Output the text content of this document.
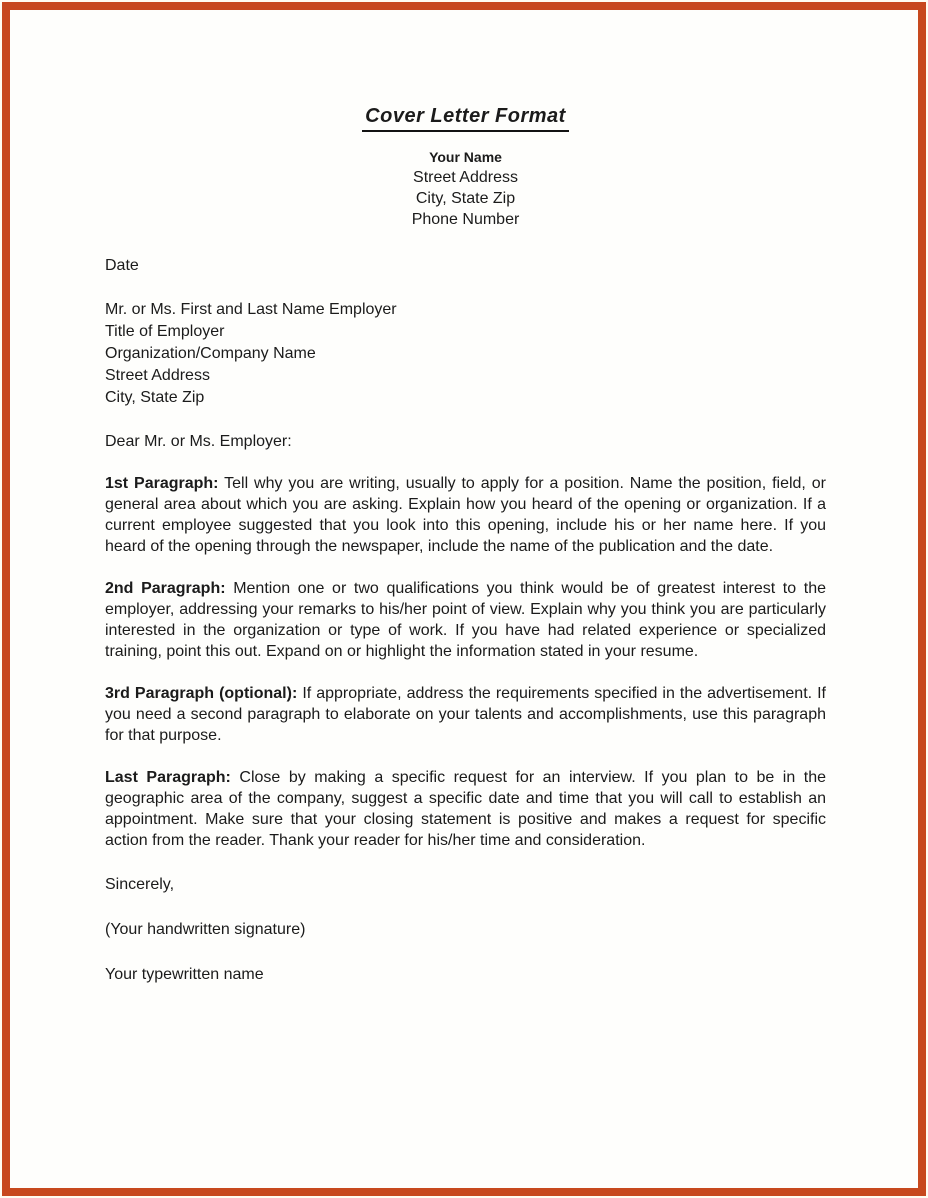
Cover Letter Format
Your Name
Street Address
City, State Zip
Phone Number
Date
Mr. or Ms. First and Last Name Employer
Title of Employer
Organization/Company Name
Street Address
City, State Zip
Dear Mr. or Ms. Employer:

1st Paragraph: Tell why you are writing, usually to apply for a position. Name the position, field, or general area about which you are asking. Explain how you heard of the opening or organization. If a current employee suggested that you look into this opening, include his or her name here. If you heard of the opening through the newspaper, include the name of the publication and the date.

2nd Paragraph: Mention one or two qualifications you think would be of greatest interest to the employer, addressing your remarks to his/her point of view. Explain why you think you are particularly interested in the organization or type of work. If you have had related experience or specialized training, point this out. Expand on or highlight the information stated in your resume.

3rd Paragraph (optional): If appropriate, address the requirements specified in the advertisement. If you need a second paragraph to elaborate on your talents and accomplishments, use this paragraph for that purpose.

Last Paragraph: Close by making a specific request for an interview. If you plan to be in the geographic area of the company, suggest a specific date and time that you will call to establish an appointment. Make sure that your closing statement is positive and makes a request for specific action from the reader. Thank your reader for his/her time and consideration.

Sincerely,
(Your handwritten signature)
Your typewritten name
